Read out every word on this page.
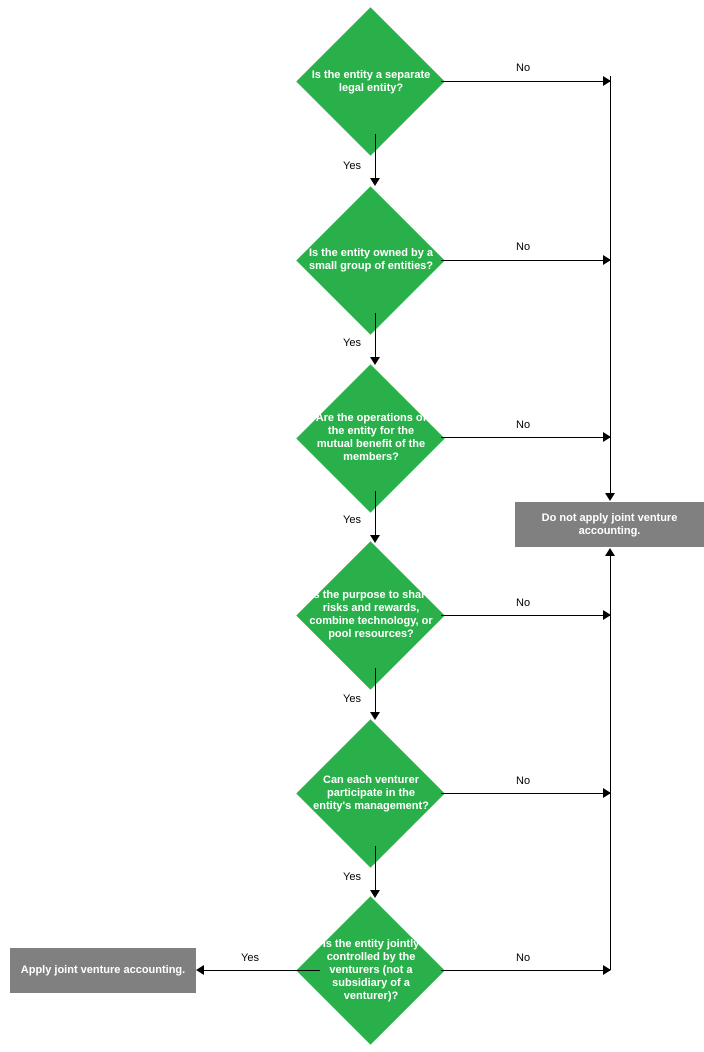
Is the entity a separate legal entity?
No
Yes
Is the entity owned by a small group of entities?
No
Yes
Are the operations of the entity for the mutual benefit of the members?
No
Yes	Do not apply joint venture accounting.
Is the purpose to share risks and rewards, combine technology, or pool resources?
No
Yes
Can each venturer participate in the entity's management?
No
Yes
Is the entity jointly controlled by the venturers (not a subsidiary of a venturer)?
No
Yes
Apply joint venture accounting.
